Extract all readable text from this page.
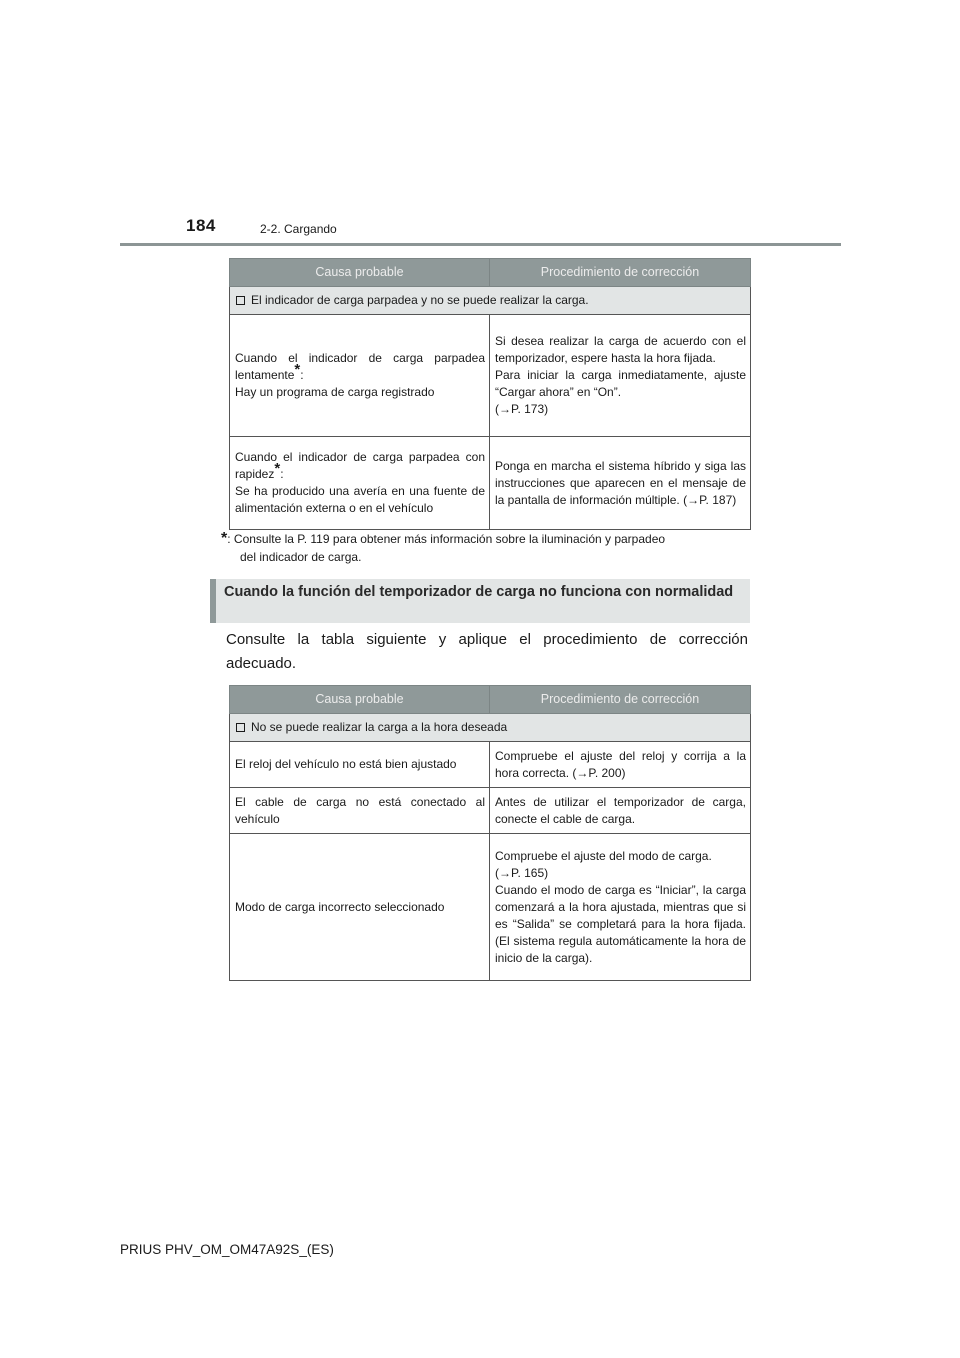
184	2-2. Cargando
Causa probable	Procedimiento de corrección
El indicador de carga parpadea y no se puede realizar la carga.	
Cuando el indicador de carga parpadea lentamente*:
Hay un programa de carga registrado	Si desea realizar la carga de acuerdo con el temporizador, espere hasta la hora fijada.
Para iniciar la carga inmediatamente, ajuste “Cargar ahora” en “On”.
(→P. 173)
Cuando el indicador de carga parpadea con rapidez*:
Se ha producido una avería en una fuente de alimentación externa o en el vehículo	Ponga en marcha el sistema híbrido y siga las instrucciones que aparecen en el mensaje de la pantalla de información múltiple. (→P. 187)
*: Consulte la P. 119 para obtener más información sobre la iluminación y parpadeo
del indicador de carga.
Cuando la función del temporizador de carga no funciona con normalidad
Consulte la tabla siguiente y aplique el procedimiento de corrección adecuado.
Causa probable	Procedimiento de corrección
No se puede realizar la carga a la hora deseada	
El reloj del vehículo no está bien ajustado	Compruebe el ajuste del reloj y corrija a la hora correcta. (→P. 200)
El cable de carga no está conectado al vehículo	Antes de utilizar el temporizador de carga, conecte el cable de carga.
Modo de carga incorrecto seleccionado	Compruebe el ajuste del modo de carga.
(→P. 165)
Cuando el modo de carga es “Iniciar”, la carga comenzará a la hora ajustada, mientras que si es “Salida” se completará para la hora fijada. (El sistema regula automáticamente la hora de inicio de la carga).
PRIUS PHV_OM_OM47A92S_(ES)
